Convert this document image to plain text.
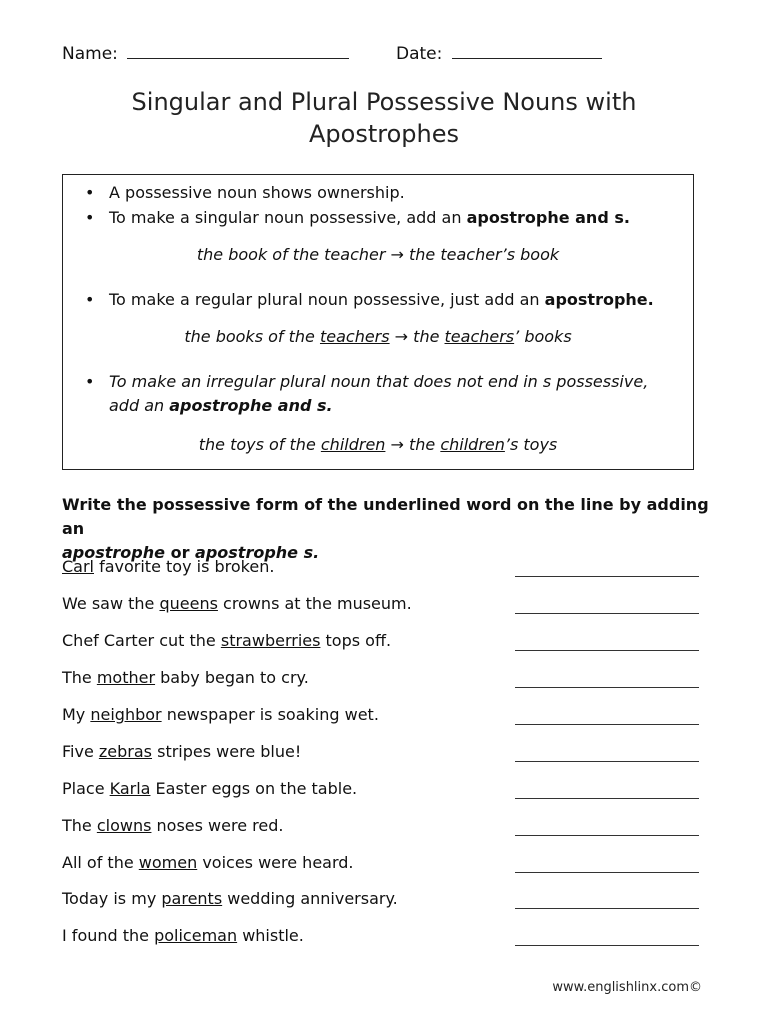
Name:	Date:
Singular and Plural Possessive Nouns with
Apostrophes
• A possessive noun shows ownership.
• To make a singular noun possessive, add an apostrophe and s.
the book of the teacher → the teacher’s book
• To make a regular plural noun possessive, just add an apostrophe.
the books of the teachers → the teachers’ books
• To make an irregular plural noun that does not end in s possessive,
add an apostrophe and s.
the toys of the children → the children’s toys
Write the possessive form of the underlined word on the line by adding an
apostrophe or apostrophe s.
Carl favorite toy is broken.
We saw the queens crowns at the museum.
Chef Carter cut the strawberries tops off.
The mother baby began to cry.
My neighbor newspaper is soaking wet.
Five zebras stripes were blue!
Place Karla Easter eggs on the table.
The clowns noses were red.
All of the women voices were heard.
Today is my parents wedding anniversary.
I found the policeman whistle.
www.englishlinx.com©
